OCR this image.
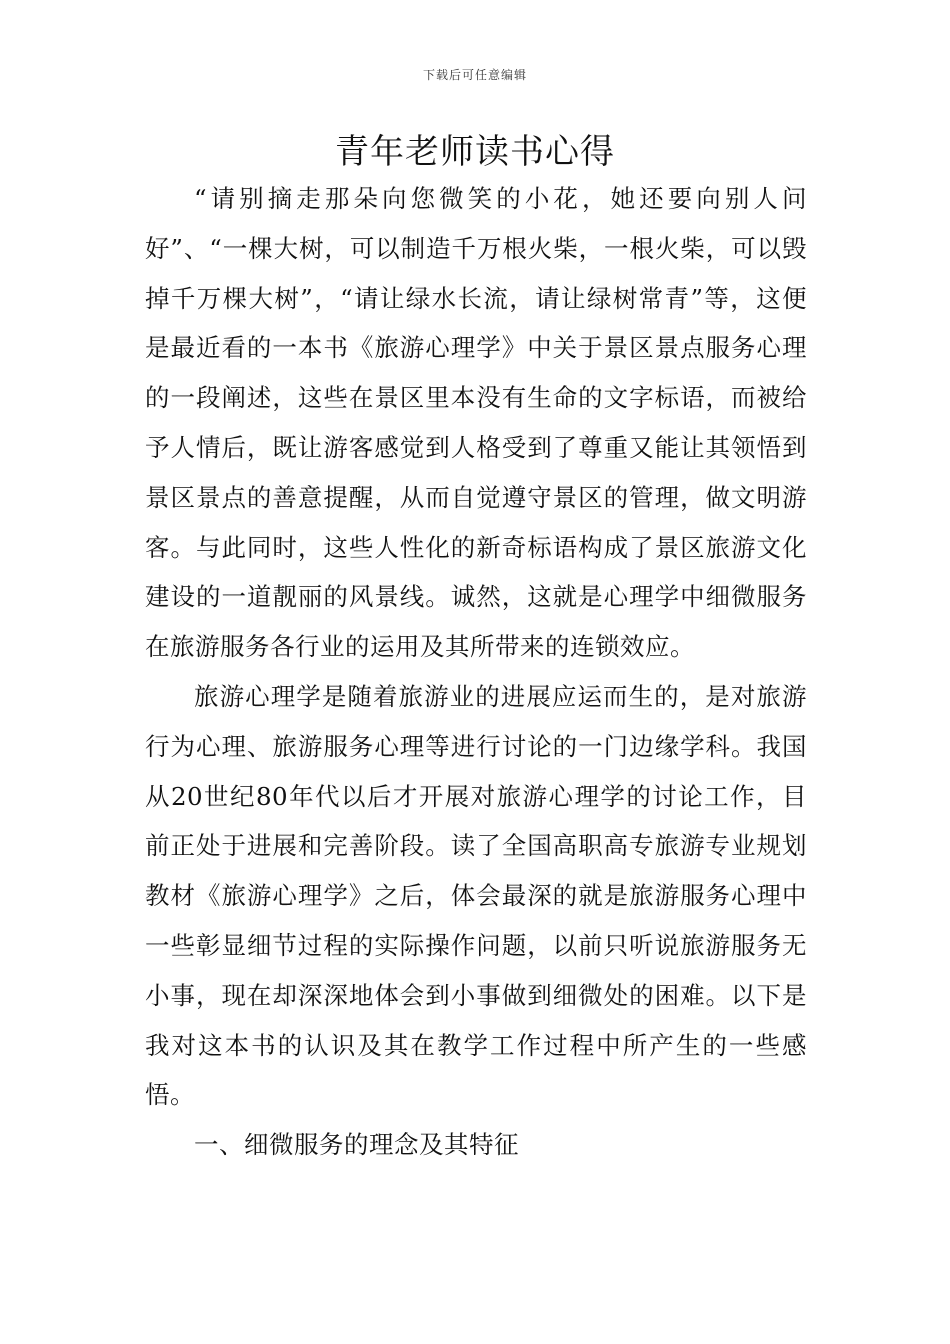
下载后可任意编辑
青年老师读书心得

“请别摘走那朵向您微笑的小花，她还要向别人问好”、“一棵大树，可以制造千万根火柴，一根火柴，可以毁掉千万棵大树”，“请让绿水长流，请让绿树常青”等，这便是最近看的一本书《旅游心理学》中关于景区景点服务心理的一段阐述，这些在景区里本没有生命的文字标语，而被给予人情后，既让游客感觉到人格受到了尊重又能让其领悟到景区景点的善意提醒，从而自觉遵守景区的管理，做文明游客。与此同时，这些人性化的新奇标语构成了景区旅游文化建设的一道靓丽的风景线。诚然，这就是心理学中细微服务在旅游服务各行业的运用及其所带来的连锁效应。

旅游心理学是随着旅游业的进展应运而生的，是对旅游行为心理、旅游服务心理等进行讨论的一门边缘学科。我国从20世纪80年代以后才开展对旅游心理学的讨论工作，目前正处于进展和完善阶段。读了全国高职高专旅游专业规划教材《旅游心理学》之后，体会最深的就是旅游服务心理中一些彰显细节过程的实际操作问题，以前只听说旅游服务无小事，现在却深深地体会到小事做到细微处的困难。以下是我对这本书的认识及其在教学工作过程中所产生的一些感悟。

一、细微服务的理念及其特征
